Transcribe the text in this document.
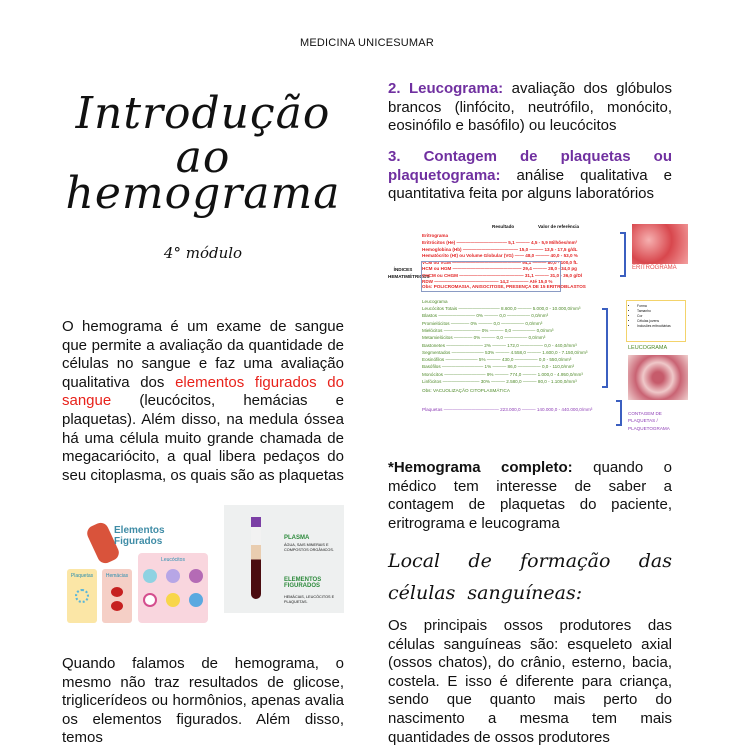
MEDICINA UNICESUMAR
Introdução ao
hemograma
4° módulo
O hemograma é um exame de sangue que permite a avaliação da quantidade de células no sangue e faz uma avaliação qualitativa dos elementos figurados do sangue (leucócitos, hemácias e plaquetas). Além disso, na medula óssea há uma célula muito grande chamada de megacariócito, a qual libera pedaços do seu citoplasma, os quais são as plaquetas
Elementos Figurados
Plaquetas	Hemácias
Leucócitos
PLASMA
ÁGUA, SAIS MINERAIS E COMPOSTOS ORGÂNICOS.
ELEMENTOS FIGURADOS
HEMÁCIAS, LEUCÓCITOS E PLAQUETAS.
Quando falamos de hemograma, o mesmo não traz resultados de glicose, triglicerídeos ou hormônios, apenas avalia os elementos figurados. Além disso, temos
2. Leucograma: avaliação dos glóbulos brancos (linfócito, neutrófilo, monócito, eosinófilo e basófilo) ou leucócitos
3. Contagem de plaquetas ou plaquetograma: análise qualitativa e quantitativa feita por alguns laboratórios
Resultado	Valor de referência
ÍNDICES HEMATIMÉTRICOS
Eritrograma
Eritrócitos (He) ——————————— 5,1 ——— 4,5 - 5,9 Milhões/mm³
Hemoglobina (Hb) ———————————— 15,0 ——— 13,5 - 17,5 g/dL
Hematócrito (Ht) ou Volume Globular (VG) —— 48,0 ——— 40,0 - 53,0 %
VCM ou VGM ——————————————— 94,1 ——— 80,0 - 100,0 fL
HCM ou HGM ——————————————— 29,4 ——— 28,0 - 34,0 pg
CHCM ou CHGM —————————————— 31,1 ——— 31,0 - 36,0 g/Dl
RDW —————————————— 14,2 ———— Até 15,0 %
Obs: POLICROMASIA, ANISOCITOSE, PRESENÇA DE 15 ERITROBLASTOS
Leucograma
Leucócitos Totais ————————— 8.600,0 ——— 5.000,0 - 10.000,0/mm³
Blastos ———————— 0% ——— 0,0 ————— 0,0/mm³
Promielócitos ———— 0% ——— 0,0 ————— 0,0/mm³
Mielócitos ———————— 0% ——— 0,0 ————— 0,0/mm³
Metamielócitos ———— 0% ——— 0,0 ————— 0,0/mm³
Bastonetes ———————— 2% ——— 172,0 ————— 0,0 - 440,0/mm³
Segmentados ——————— 53% ——— 4.558,0 ——— 1.600,0 - 7.150,0/mm³
Eosinófilos ——————— 5% ——— 430,0 ————— 0,0 - 550,0/mm³
Basófilos ————————— 1% ——— 86,0 ————— 0,0 - 110,0/mm³
Monócitos ————————— 9% ——— 774,0 ——— 1.000,0 - 4.950,0/mm³
Linfócitos ———————— 30% ——— 2.580,0 ——— 80,0 - 1.100,0/mm³
Obs: VACUOLIZAÇÃO CITOPLASMÁTICA
Plaquetas ———————————— 223.000,0 ——— 140.000,0 - 440.000,0/mm³
ERITROGRAMA
• Forma
• Tamanho
• Cor
• Células jovens
• Inclusões eritrocitárias
LEUCOGRAMA
CONTAGEM DE PLAQUETAS / PLAQUETOGRAMA
*Hemograma completo: quando o médico tem interesse de saber a contagem de plaquetas do paciente, eritrograma e leucograma
Local de formação das células sanguíneas:
Os principais ossos produtores das células sanguíneas são: esqueleto axial (ossos chatos), do crânio, esterno, bacia, costela. E isso é diferente para criança, sendo que quanto mais perto do nascimento a mesma tem mais quantidades de ossos produtores
